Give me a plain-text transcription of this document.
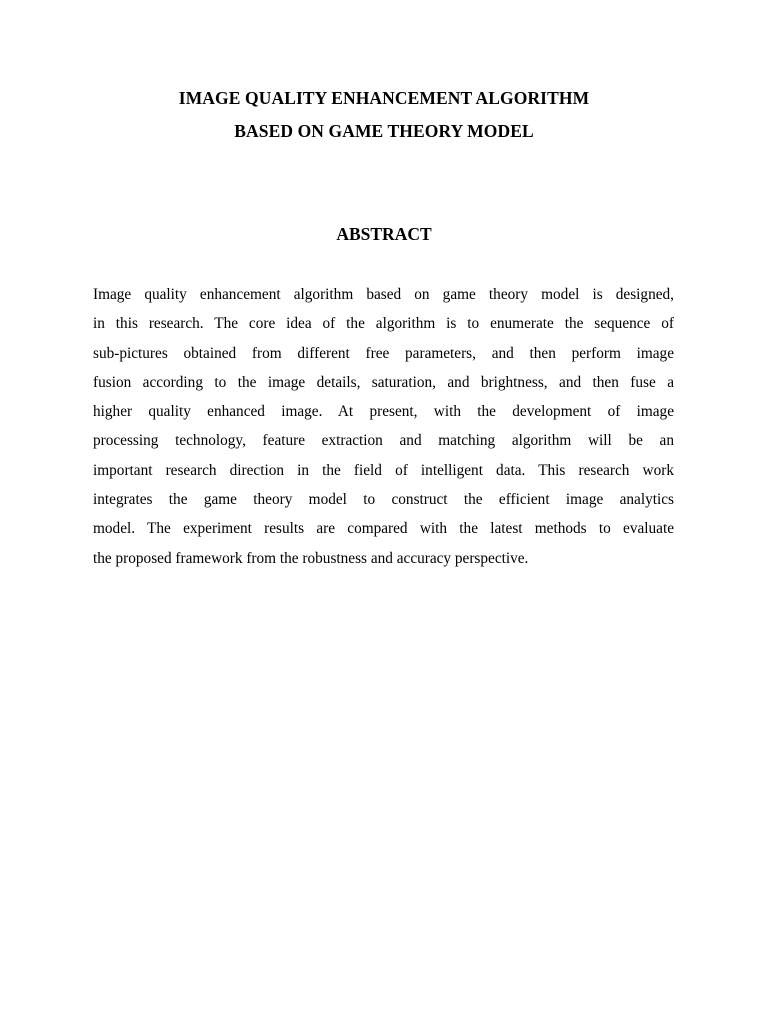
IMAGE QUALITY ENHANCEMENT ALGORITHM

BASED ON GAME THEORY MODEL

ABSTRACT
Image quality enhancement algorithm based on game theory model is designed,
in this research. The core idea of the algorithm is to enumerate the sequence of
sub-pictures obtained from different free parameters, and then perform image
fusion according to the image details, saturation, and brightness, and then fuse a
higher quality enhanced image. At present, with the development of image
processing technology, feature extraction and matching algorithm will be an
important research direction in the field of intelligent data. This research work
integrates the game theory model to construct the efficient image analytics
model. The experiment results are compared with the latest methods to evaluate
the proposed framework from the robustness and accuracy perspective.
